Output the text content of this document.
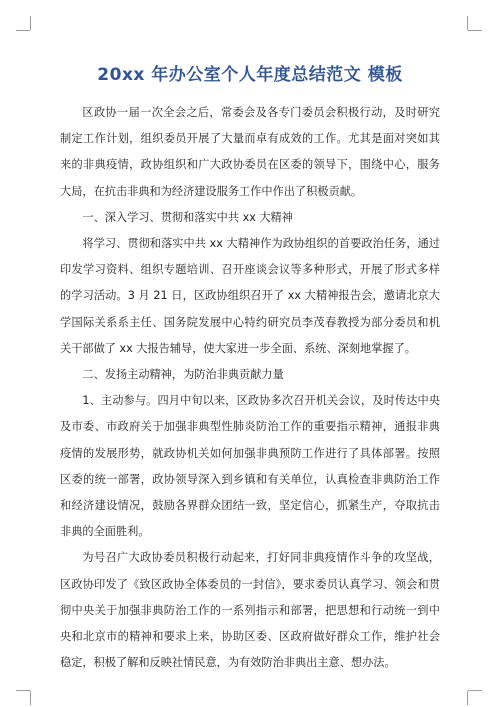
20xx 年办公室个人年度总结范文 模板

区政协一届一次全会之后，常委会及各专门委员会积极行动，及时研究制定工作计划，组织委员开展了大量而卓有成效的工作。尤其是面对突如其来的非典疫情，政协组织和广大政协委员在区委的领导下，围绕中心，服务大局，在抗击非典和为经济建设服务工作中作出了积极贡献。

一、深入学习、贯彻和落实中共 xx 大精神

将学习、贯彻和落实中共 xx 大精神作为政协组织的首要政治任务，通过印发学习资料、组织专题培训、召开座谈会议等多种形式，开展了形式多样的学习活动。3 月 21 日，区政协组织召开了 xx 大精神报告会，邀请北京大学国际关系系主任、国务院发展中心特约研究员李茂春教授为部分委员和机关干部做了 xx 大报告辅导，使大家进一步全面、系统、深刻地掌握了。

二、发扬主动精神，为防治非典贡献力量

1、主动参与。四月中旬以来，区政协多次召开机关会议，及时传达中央及市委、市政府关于加强非典型性肺炎防治工作的重要指示精神，通报非典疫情的发展形势，就政协机关如何加强非典预防工作进行了具体部署。按照区委的统一部署，政协领导深入到乡镇和有关单位，认真检查非典防治工作和经济建设情况，鼓励各界群众团结一致，坚定信心，抓紧生产，夺取抗击非典的全面胜利。

为号召广大政协委员积极行动起来，打好同非典疫情作斗争的攻坚战，区政协印发了《致区政协全体委员的一封信》，要求委员认真学习、领会和贯彻中央关于加强非典防治工作的一系列指示和部署，把思想和行动统一到中央和北京市的精神和要求上来，协助区委、区政府做好群众工作，维护社会稳定，积极了解和反映社情民意，为有效防治非典出主意、想办法。
